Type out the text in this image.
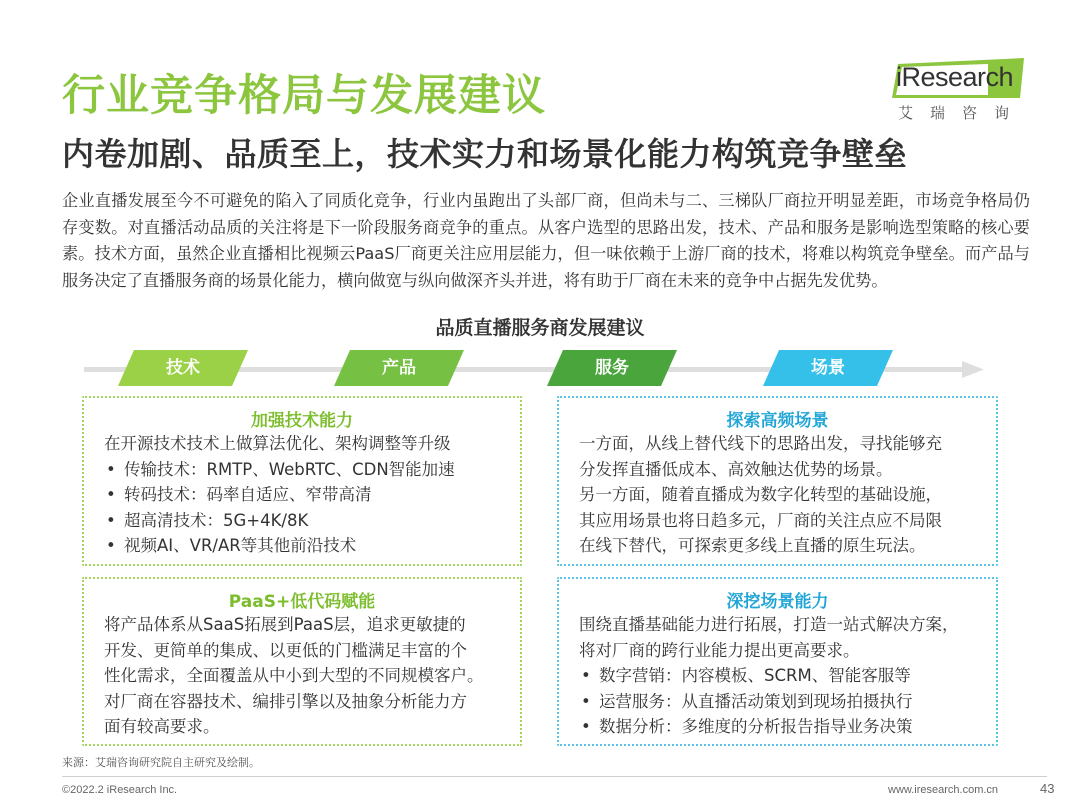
行业竞争格局与发展建议
内卷加剧、品质至上，技术实力和场景化能力构筑竞争壁垒
iResearch
艾瑞咨询
企业直播发展至今不可避免的陷入了同质化竞争，行业内虽跑出了头部厂商，但尚未与二、三梯队厂商拉开明显差距，市场竞争格局仍存变数。对直播活动品质的关注将是下一阶段服务商竞争的重点。从客户选型的思路出发，技术、产品和服务是影响选型策略的核心要素。技术方面，虽然企业直播相比视频云PaaS厂商更关注应用层能力，但一味依赖于上游厂商的技术，将难以构筑竞争壁垒。而产品与服务决定了直播服务商的场景化能力，横向做宽与纵向做深齐头并进，将有助于厂商在未来的竞争中占据先发优势。
品质直播服务商发展建议
技术	产品	服务	场景
加强技术能力

在开源技术技术上做算法优化、架构调整等升级

• 传输技术：RMTP、WebRTC、CDN智能加速
• 转码技术：码率自适应、窄带高清
• 超高清技术：5G+4K/8K
• 视频AI、VR/AR等其他前沿技术
PaaS+低代码赋能

将产品体系从SaaS拓展到PaaS层，追求更敏捷的

开发、更简单的集成、以更低的门槛满足丰富的个

性化需求，全面覆盖从中小到大型的不同规模客户。

对厂商在容器技术、编排引擎以及抽象分析能力方

面有较高要求。

探索高频场景

一方面，从线上替代线下的思路出发，寻找能够充

分发挥直播低成本、高效触达优势的场景。

另一方面，随着直播成为数字化转型的基础设施，

其应用场景也将日趋多元，厂商的关注点应不局限

在线下替代，可探索更多线上直播的原生玩法。

深挖场景能力

围绕直播基础能力进行拓展，打造一站式解决方案，

将对厂商的跨行业能力提出更高要求。

• 数字营销：内容模板、SCRM、智能客服等
• 运营服务：从直播活动策划到现场拍摄执行
• 数据分析：多维度的分析报告指导业务决策
来源：艾瑞咨询研究院自主研究及绘制。
©2022.2 iResearch Inc.	www.iresearch.com.cn	43
